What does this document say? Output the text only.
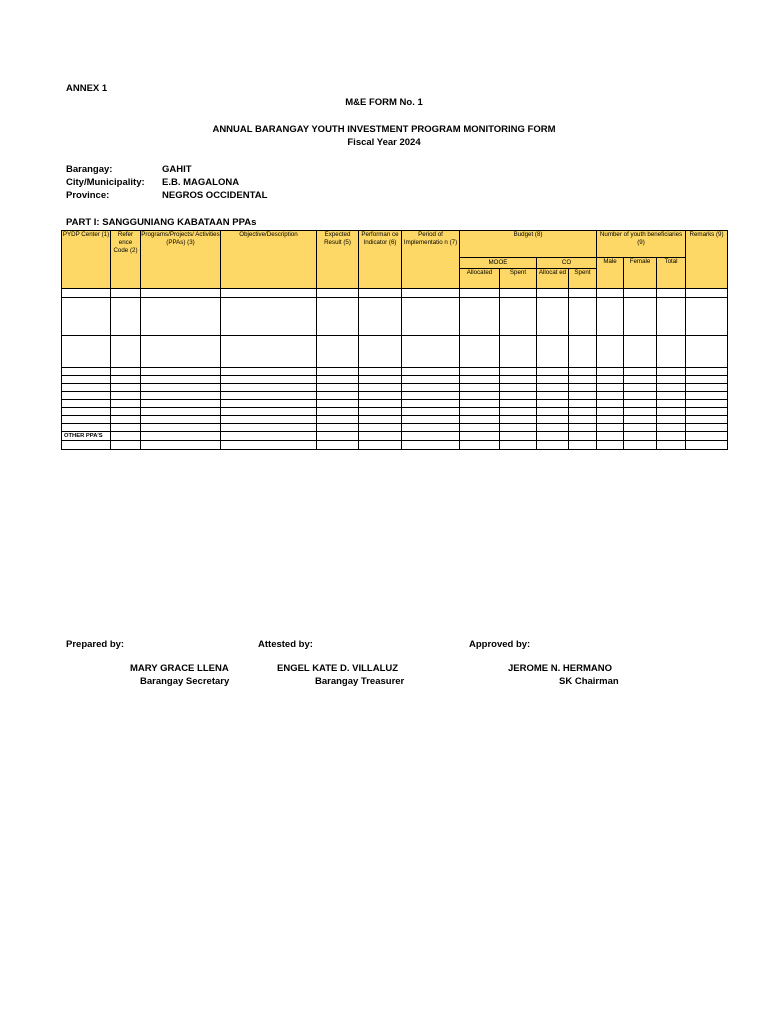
ANNEX 1
M&E FORM No. 1
ANNUAL BARANGAY YOUTH INVESTMENT PROGRAM MONITORING FORM
Fiscal Year 2024
Barangay:	GAHIT
City/Municipality: E.B. MAGALONA
Province:	NEGROS OCCIDENTAL
PART I: SANGGUNIANG KABATAAN PPAs
PYDP Center (1)	Refer ence Code (2)	Programs/Projects/ Activities (PPAs) (3)	Objective/Description	Expected Result (5)	Performan ce Indicator (6)	Period of Implementatio n (7)	Budget (8)				Number of youth beneficiaries (9)			Remarks (9)
							MOOE		CO		Male	Female	Total	
							Allocated	Spent	Allocat ed	Spent				

OTHER PPA'S														

Prepared by:	Attested by:	Approved by:
MARY GRACE LLENA
Barangay Secretary
ENGEL KATE D. VILLALUZ
Barangay Treasurer
JEROME N. HERMANO
SK Chairman
